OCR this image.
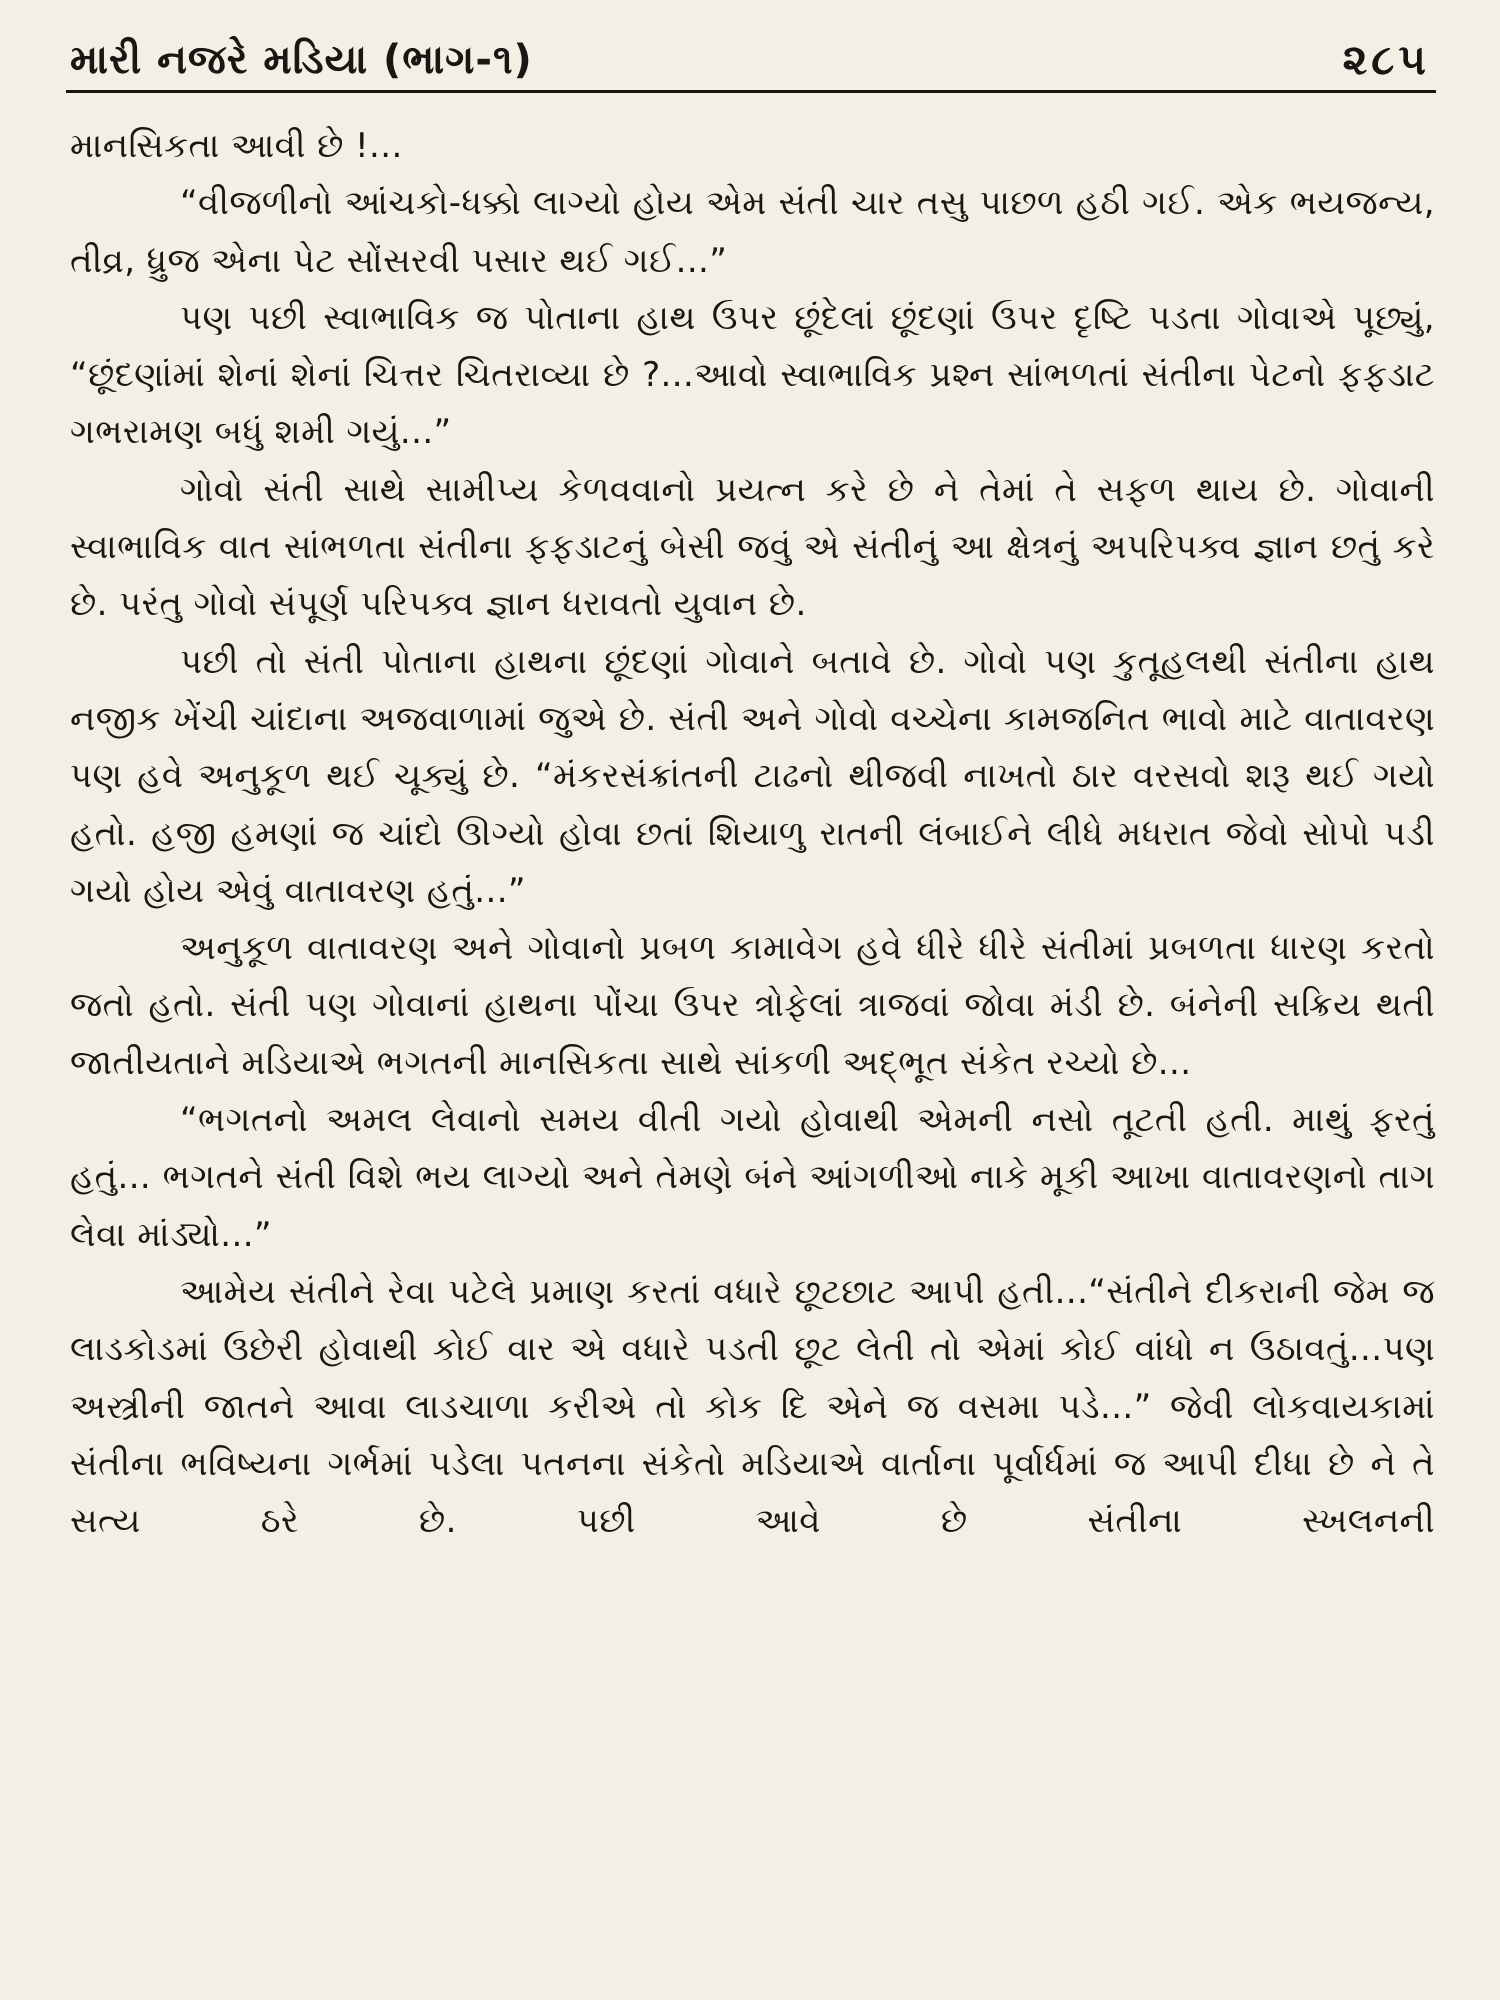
મારી નજરે મડિયા (ભાગ-૧)	૨૮૫

માનસિકતા આવી છે !...

“વીજળીનો આંચકો-ધક્કો લાગ્યો હોય એમ સંતી ચાર તસુ પાછળ હઠી ગઈ. એક ભયજન્ય, તીવ્ર, ધ્રુજ એના પેટ સોંસરવી પસાર થઈ ગઈ...”

પણ પછી સ્વાભાવિક જ પોતાના હાથ ઉપર છૂંદેલાં છૂંદણાં ઉપર દૃષ્ટિ પડતા ગોવાએ પૂછ્યું, “છૂંદણાંમાં શેનાં શેનાં ચિત્તર ચિતરાવ્યા છે ?...આવો સ્વાભાવિક પ્રશ્ન સાંભળતાં સંતીના પેટનો ફફડાટ ગભરામણ બધું શમી ગયું...”

ગોવો સંતી સાથે સામીપ્ય કેળવવાનો પ્રયત્ન કરે છે ને તેમાં તે સફળ થાય છે. ગોવાની સ્વાભાવિક વાત સાંભળતા સંતીના ફફડાટનું બેસી જવું એ સંતીનું આ ક્ષેત્રનું અપરિપક્વ જ્ઞાન છતું કરે છે. પરંતુ ગોવો સંપૂર્ણ પરિપક્વ જ્ઞાન ધરાવતો યુવાન છે.

પછી તો સંતી પોતાના હાથના છૂંદણાં ગોવાને બતાવે છે. ગોવો પણ કુતૂહલથી સંતીના હાથ નજીક ખેંચી ચાંદાના અજવાળામાં જુએ છે. સંતી અને ગોવો વચ્ચેના કામજનિત ભાવો માટે વાતાવરણ પણ હવે અનુકૂળ થઈ ચૂક્યું છે. “મંકરસંક્રાંતની ટાઢનો થીજવી નાખતો ઠાર વરસવો શરૂ થઈ ગયો હતો. હજી હમણાં જ ચાંદો ઊગ્યો હોવા છતાં શિયાળુ રાતની લંબાઈને લીધે મધરાત જેવો સોપો પડી ગયો હોય એવું વાતાવરણ હતું...”

અનુકૂળ વાતાવરણ અને ગોવાનો પ્રબળ કામાવેગ હવે ધીરે ધીરે સંતીમાં પ્રબળતા ધારણ કરતો જતો હતો. સંતી પણ ગોવાનાં હાથના પોંચા ઉપર ત્રોફેલાં ત્રાજવાં જોવા મંડી છે. બંનેની સક્રિય થતી જાતીયતાને મડિયાએ ભગતની માનસિકતા સાથે સાંકળી અદ્ભૂત સંકેત રચ્યો છે...

“ભગતનો અમલ લેવાનો સમય વીતી ગયો હોવાથી એમની નસો તૂટતી હતી. માથું ફરતું હતું... ભગતને સંતી વિશે ભય લાગ્યો અને તેમણે બંને આંગળીઓ નાકે મૂકી આખા વાતાવરણનો તાગ લેવા માંડ્યો...”

આમેય સંતીને રેવા પટેલે પ્રમાણ કરતાં વધારે છૂટછાટ આપી હતી...“સંતીને દીકરાની જેમ જ લાડકોડમાં ઉછેરી હોવાથી કોઈ વાર એ વધારે પડતી છૂટ લેતી તો એમાં કોઈ વાંધો ન ઉઠાવતું...પણ અસ્ત્રીની જાતને આવા લાડચાળા કરીએ તો કોક દિ એને જ વસમા પડે...” જેવી લોકવાયકામાં સંતીના ભવિષ્યના ગર્ભમાં પડેલા પતનના સંકેતો મડિયાએ વાર્તાના પૂર્વાર્ધમાં જ આપી દીધા છે ને તે સત્ય ઠરે છે. પછી આવે છે સંતીના સ્ખલનની
